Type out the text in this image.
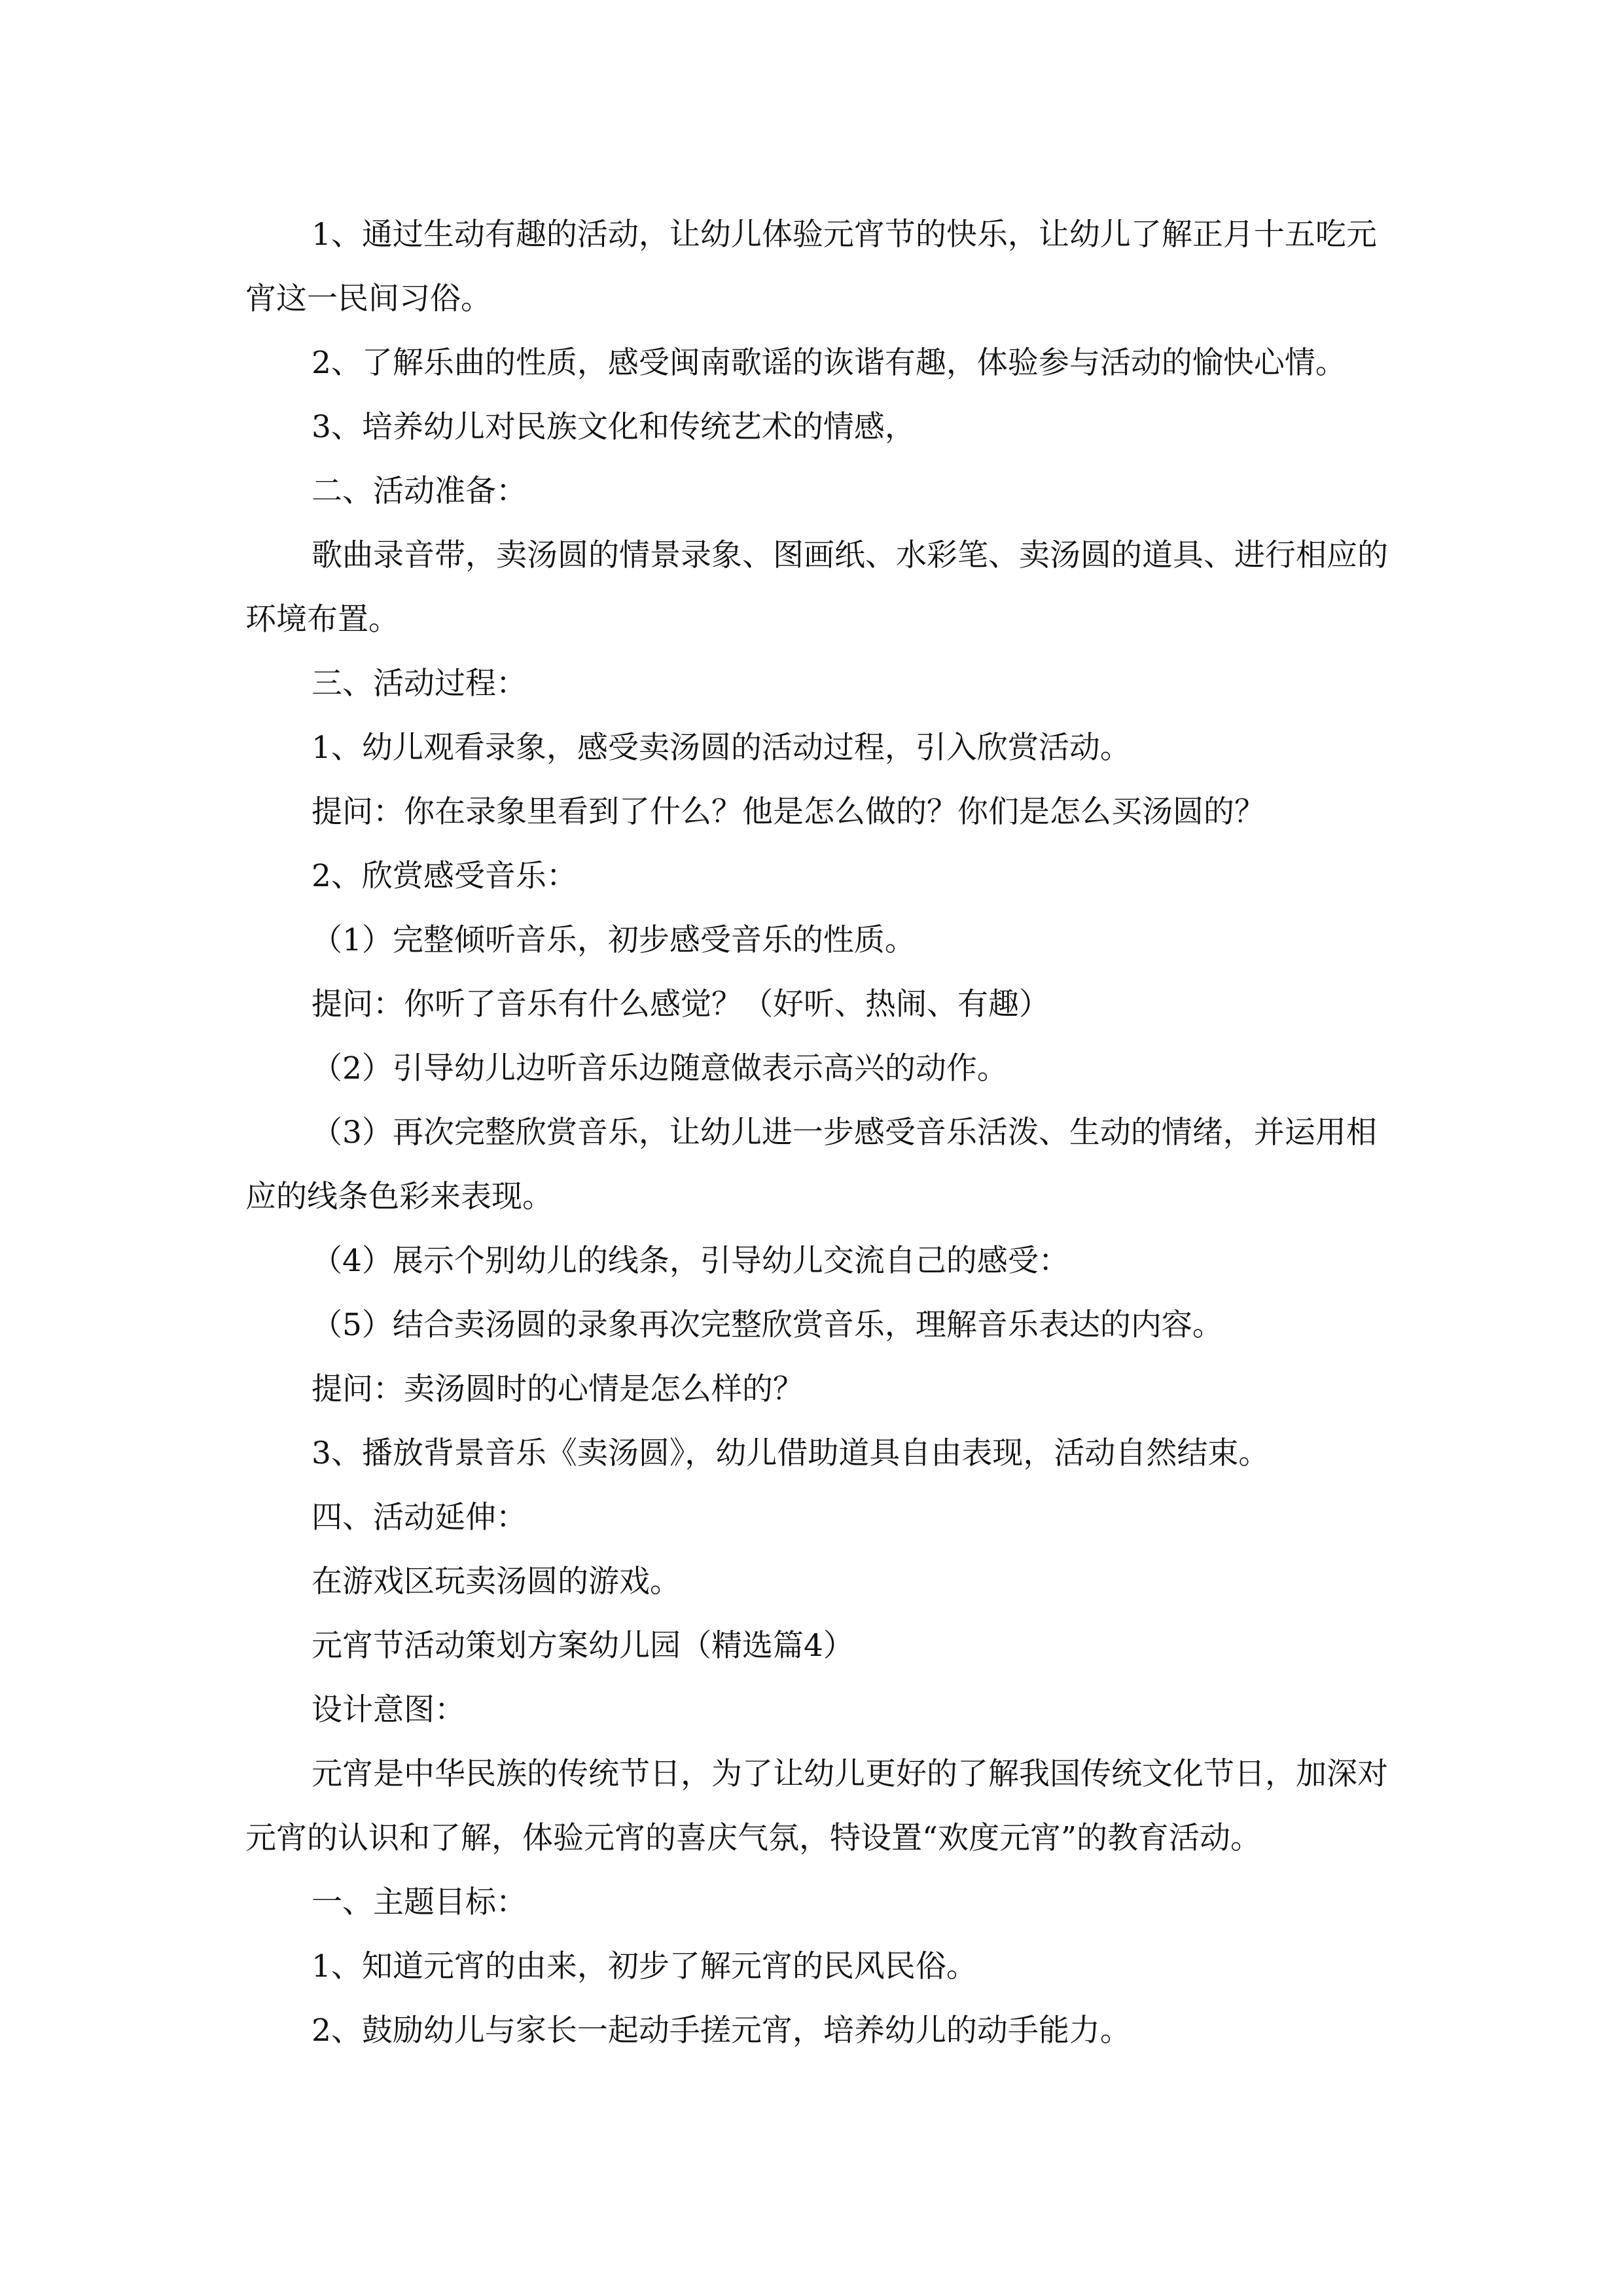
1、通过生动有趣的活动，让幼儿体验元宵节的快乐，让幼儿了解正月十五吃元宵这一民间习俗。

2、了解乐曲的性质，感受闽南歌谣的诙谐有趣，体验参与活动的愉快心情。

3、培养幼儿对民族文化和传统艺术的情感，

二、活动准备：

歌曲录音带，卖汤圆的情景录象、图画纸、水彩笔、卖汤圆的道具、进行相应的环境布置。

三、活动过程：

1、幼儿观看录象，感受卖汤圆的活动过程，引入欣赏活动。

提问：你在录象里看到了什么？他是怎么做的？你们是怎么买汤圆的？

2、欣赏感受音乐：

（1）完整倾听音乐，初步感受音乐的性质。

提问：你听了音乐有什么感觉？（好听、热闹、有趣）

（2）引导幼儿边听音乐边随意做表示高兴的动作。

（3）再次完整欣赏音乐，让幼儿进一步感受音乐活泼、生动的情绪，并运用相应的线条色彩来表现。

（4）展示个别幼儿的线条，引导幼儿交流自己的感受：

（5）结合卖汤圆的录象再次完整欣赏音乐，理解音乐表达的内容。

提问：卖汤圆时的心情是怎么样的？

3、播放背景音乐《卖汤圆》，幼儿借助道具自由表现，活动自然结束。

四、活动延伸：

在游戏区玩卖汤圆的游戏。

元宵节活动策划方案幼儿园（精选篇4）

设计意图：

元宵是中华民族的传统节日，为了让幼儿更好的了解我国传统文化节日，加深对元宵的认识和了解，体验元宵的喜庆气氛，特设置“欢度元宵”的教育活动。

一、主题目标：

1、知道元宵的由来，初步了解元宵的民风民俗。

2、鼓励幼儿与家长一起动手搓元宵，培养幼儿的动手能力。
